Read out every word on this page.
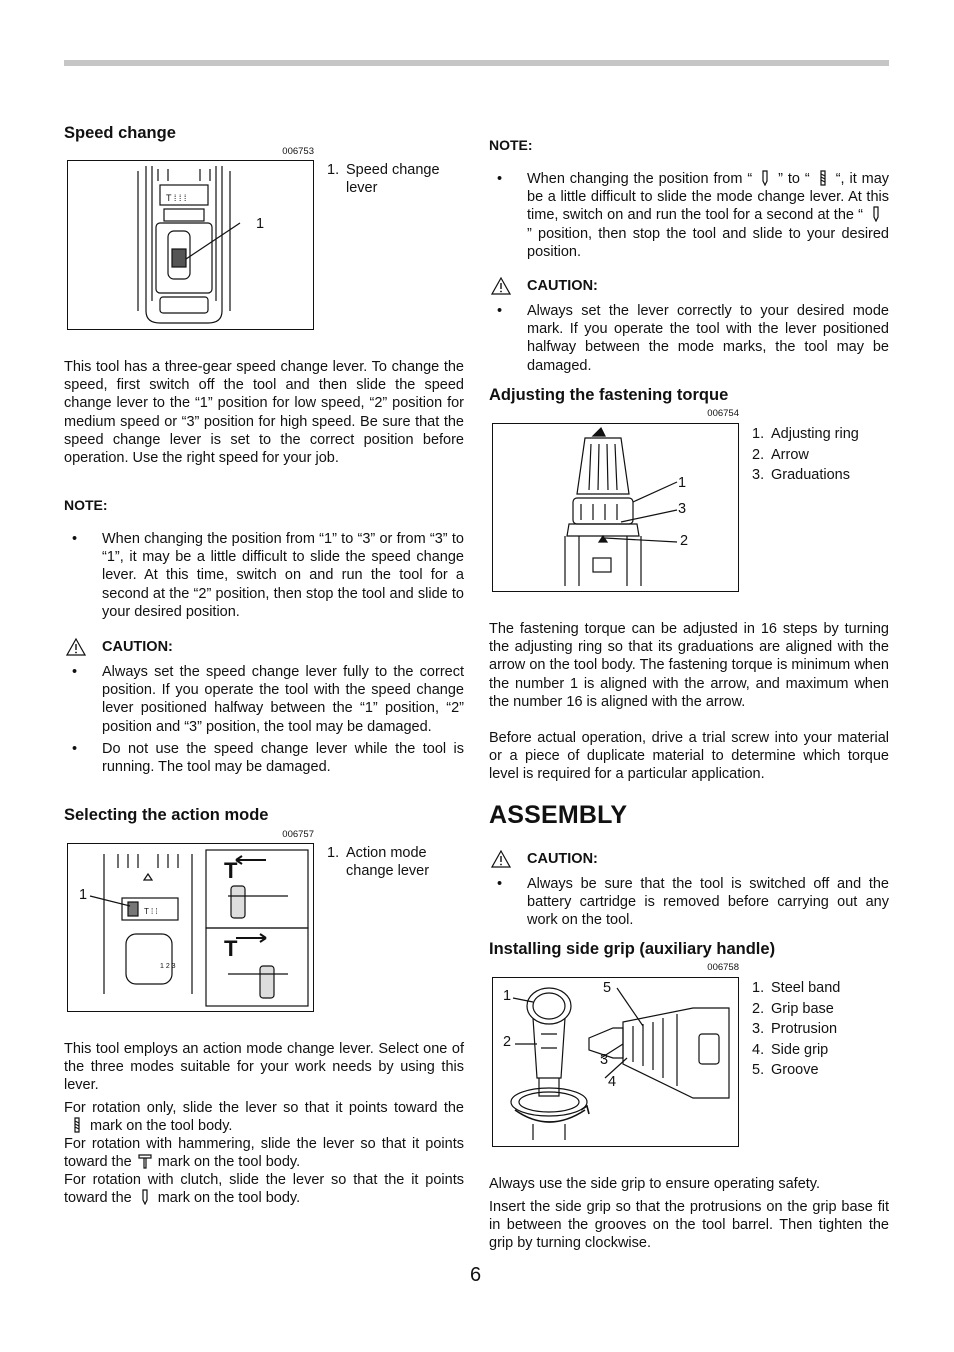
Speed change
006753
T ⁞ ⁞ ⁞
1
1. Speed change lever

This tool has a three-gear speed change lever. To change the speed, first switch off the tool and then slide the speed change lever to the “1” position for low speed, “2” position for medium speed or “3” position for high speed. Be sure that the speed change lever is set to the correct position before operation. Use the right speed for your job.

NOTE:
• When changing the position from “1” to “3” or from “3” to “1”, it may be a little difficult to slide the speed change lever. At this time, switch on and run the tool for a second at the “2” position, then stop the tool and slide to your desired position.
CAUTION:
• Always set the speed change lever fully to the correct position. If you operate the tool with the speed change lever positioned halfway between the “1” position, “2” position and “3” position, the tool may be damaged.
• Do not use the speed change lever while the tool is running. The tool may be damaged.
Selecting the action mode
006757
T ⁞ ⁞
1 2 3
T
T
1
1. Action mode change lever

This tool employs an action mode change lever. Select one of the three modes suitable for your work needs by using this lever.

For rotation only, slide the lever so that it points toward themark on the tool body.

For rotation with hammering, slide the lever so that it points toward the mark on the tool body.

For rotation with clutch, slide the lever so that the it points toward the mark on the tool body.

NOTE:
• When changing the position from “ ” to “ “, it may be a little difficult to slide the mode change lever. At this time, switch on and run the tool for a second at the “” position, then stop the tool and slide to your desired position.
CAUTION:
• Always set the lever correctly to your desired mode mark. If you operate the tool with the lever positioned halfway between the mode marks, the tool may be damaged.
Adjusting the fastening torque
006754
1
3
2
1. Adjusting ring
2. Arrow
3. Graduations

The fastening torque can be adjusted in 16 steps by turning the adjusting ring so that its graduations are aligned with the arrow on the tool body. The fastening torque is minimum when the number 1 is aligned with the arrow, and maximum when the number 16 is aligned with the arrow.

Before actual operation, drive a trial screw into your material or a piece of duplicate material to determine which torque level is required for a particular application.

ASSEMBLY
CAUTION:
• Always be sure that the tool is switched off and the battery cartridge is removed before carrying out any work on the tool.
Installing side grip (auxiliary handle)
006758
1
2
3
4
5	1. Steel band
2. Grip base
3. Protrusion
4. Side grip
5. Groove

Always use the side grip to ensure operating safety.

Insert the side grip so that the protrusions on the grip base fit in between the grooves on the tool barrel. Then tighten the grip by turning clockwise.

6
